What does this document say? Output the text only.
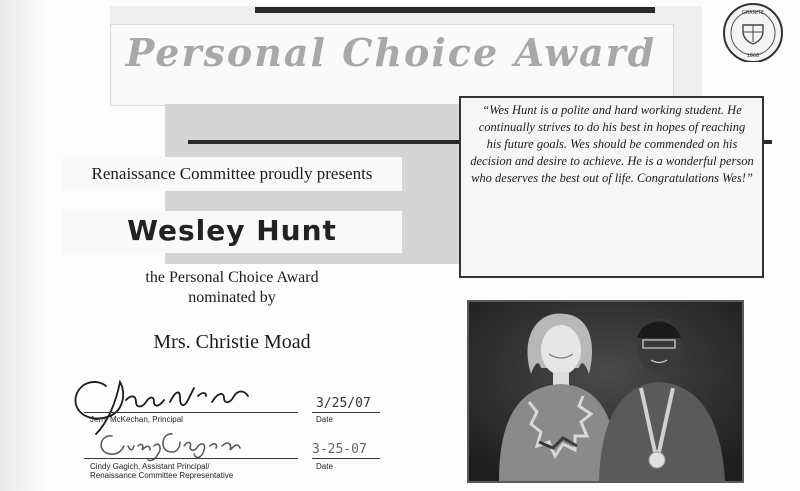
Personal Choice Award
GRANITE
1868
Renaissance Committee proudly presents
Wesley Hunt
the Personal Choice Award
nominated by
Mrs. Christie Moad
“Wes Hunt is a polite and hard working student. He continually strives to do his best in hopes of reaching his future goals. Wes should be commended on his decision and desire to achieve. He is a wonderful person who deserves the best out of life. Congratulations Wes!”
Jerry McKechan, Principal
3/25/07
Date
Cindy Gagich, Assistant Principal/
Renaissance Committee Representative
3-25-07
Date
